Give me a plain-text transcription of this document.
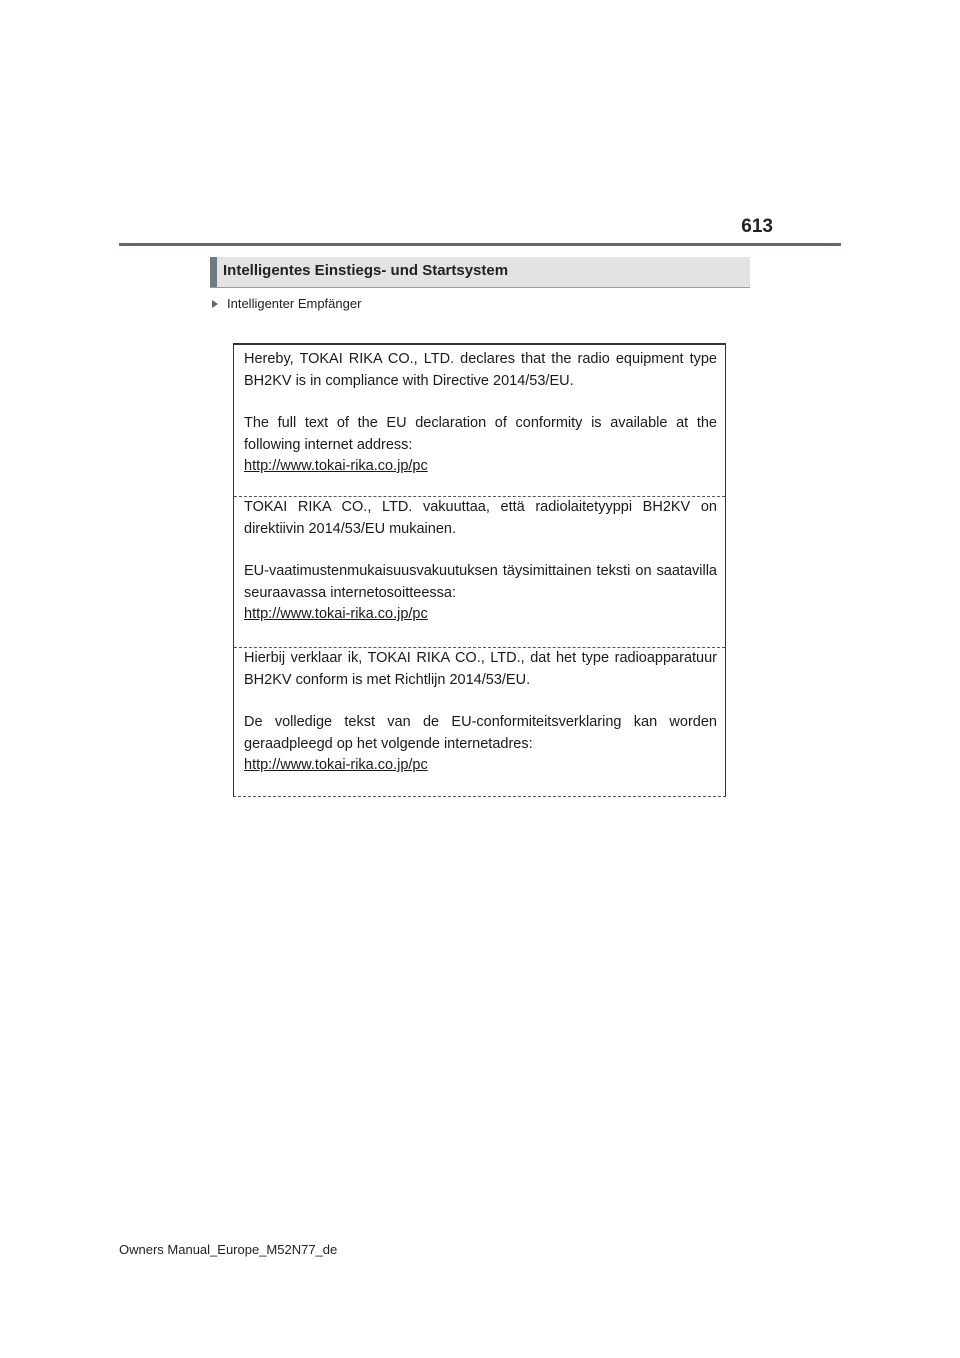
613
Intelligentes Einstiegs- und Startsystem
Intelligenter Empfänger

Hereby, TOKAI RIKA CO., LTD. declares that the radio equipment type BH2KV is in compliance with Directive 2014/53/EU.

The full text of the EU declaration of conformity is available at the following internet address:
http://www.tokai-rika.co.jp/pc

TOKAI RIKA CO., LTD. vakuuttaa, että radiolaitetyyppi BH2KV on direktiivin 2014/53/EU mukainen.

EU-vaatimustenmukaisuusvakuutuksen täysimittainen teksti on saatavilla seuraavassa internetosoitteessa:
http://www.tokai-rika.co.jp/pc

Hierbij verklaar ik, TOKAI RIKA CO., LTD., dat het type radioapparatuur BH2KV conform is met Richtlijn 2014/53/EU.

De volledige tekst van de EU-conformiteitsverklaring kan worden geraadpleegd op het volgende internetadres:
http://www.tokai-rika.co.jp/pc

Owners Manual_Europe_M52N77_de
